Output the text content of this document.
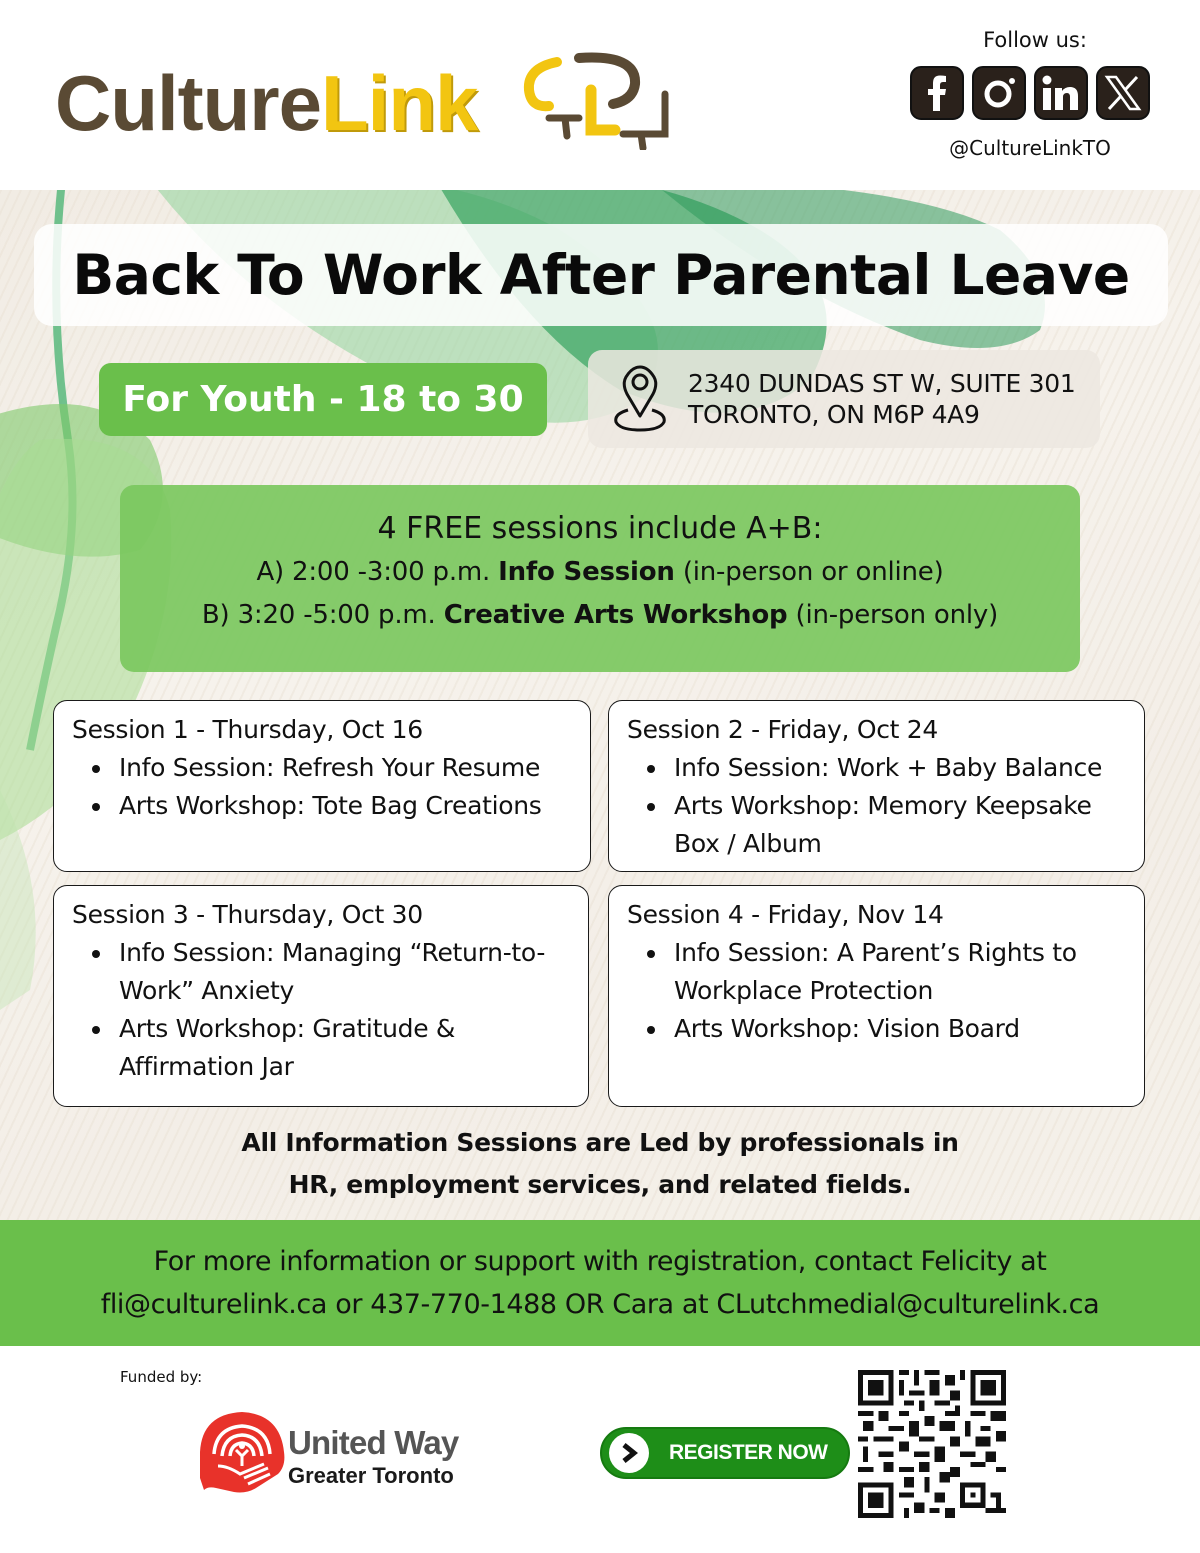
CultureLink
Follow us:
@CultureLinkTO
Back To Work After Parental Leave
For Youth - 18 to 30	2340 DUNDAS ST W, SUITE 301
TORONTO, ON M6P 4A9
4 FREE sessions include A+B:
A) 2:00 -3:00 p.m. Info Session (in-person or online)
B) 3:20 -5:00 p.m. Creative Arts Workshop (in-person only)
Session 1 - Thursday, Oct 16
Info Session: Refresh Your Resume
Arts Workshop: Tote Bag Creations
Session 2 - Friday, Oct 24
Info Session: Work + Baby Balance
Arts Workshop: Memory Keepsake Box / Album
Session 3 - Thursday, Oct 30
Info Session: Managing “Return-to-Work” Anxiety
Arts Workshop: Gratitude & Affirmation Jar
Session 4 - Friday, Nov 14
Info Session: A Parent’s Rights to Workplace Protection
Arts Workshop: Vision Board
All Information Sessions are Led by professionals in
HR, employment services, and related fields.
For more information or support with registration, contact Felicity at
fli@culturelink.ca or 437-770-1488 OR Cara at CLutchmedial@culturelink.ca
Funded by:
United Way
Greater Toronto
REGISTER NOW
